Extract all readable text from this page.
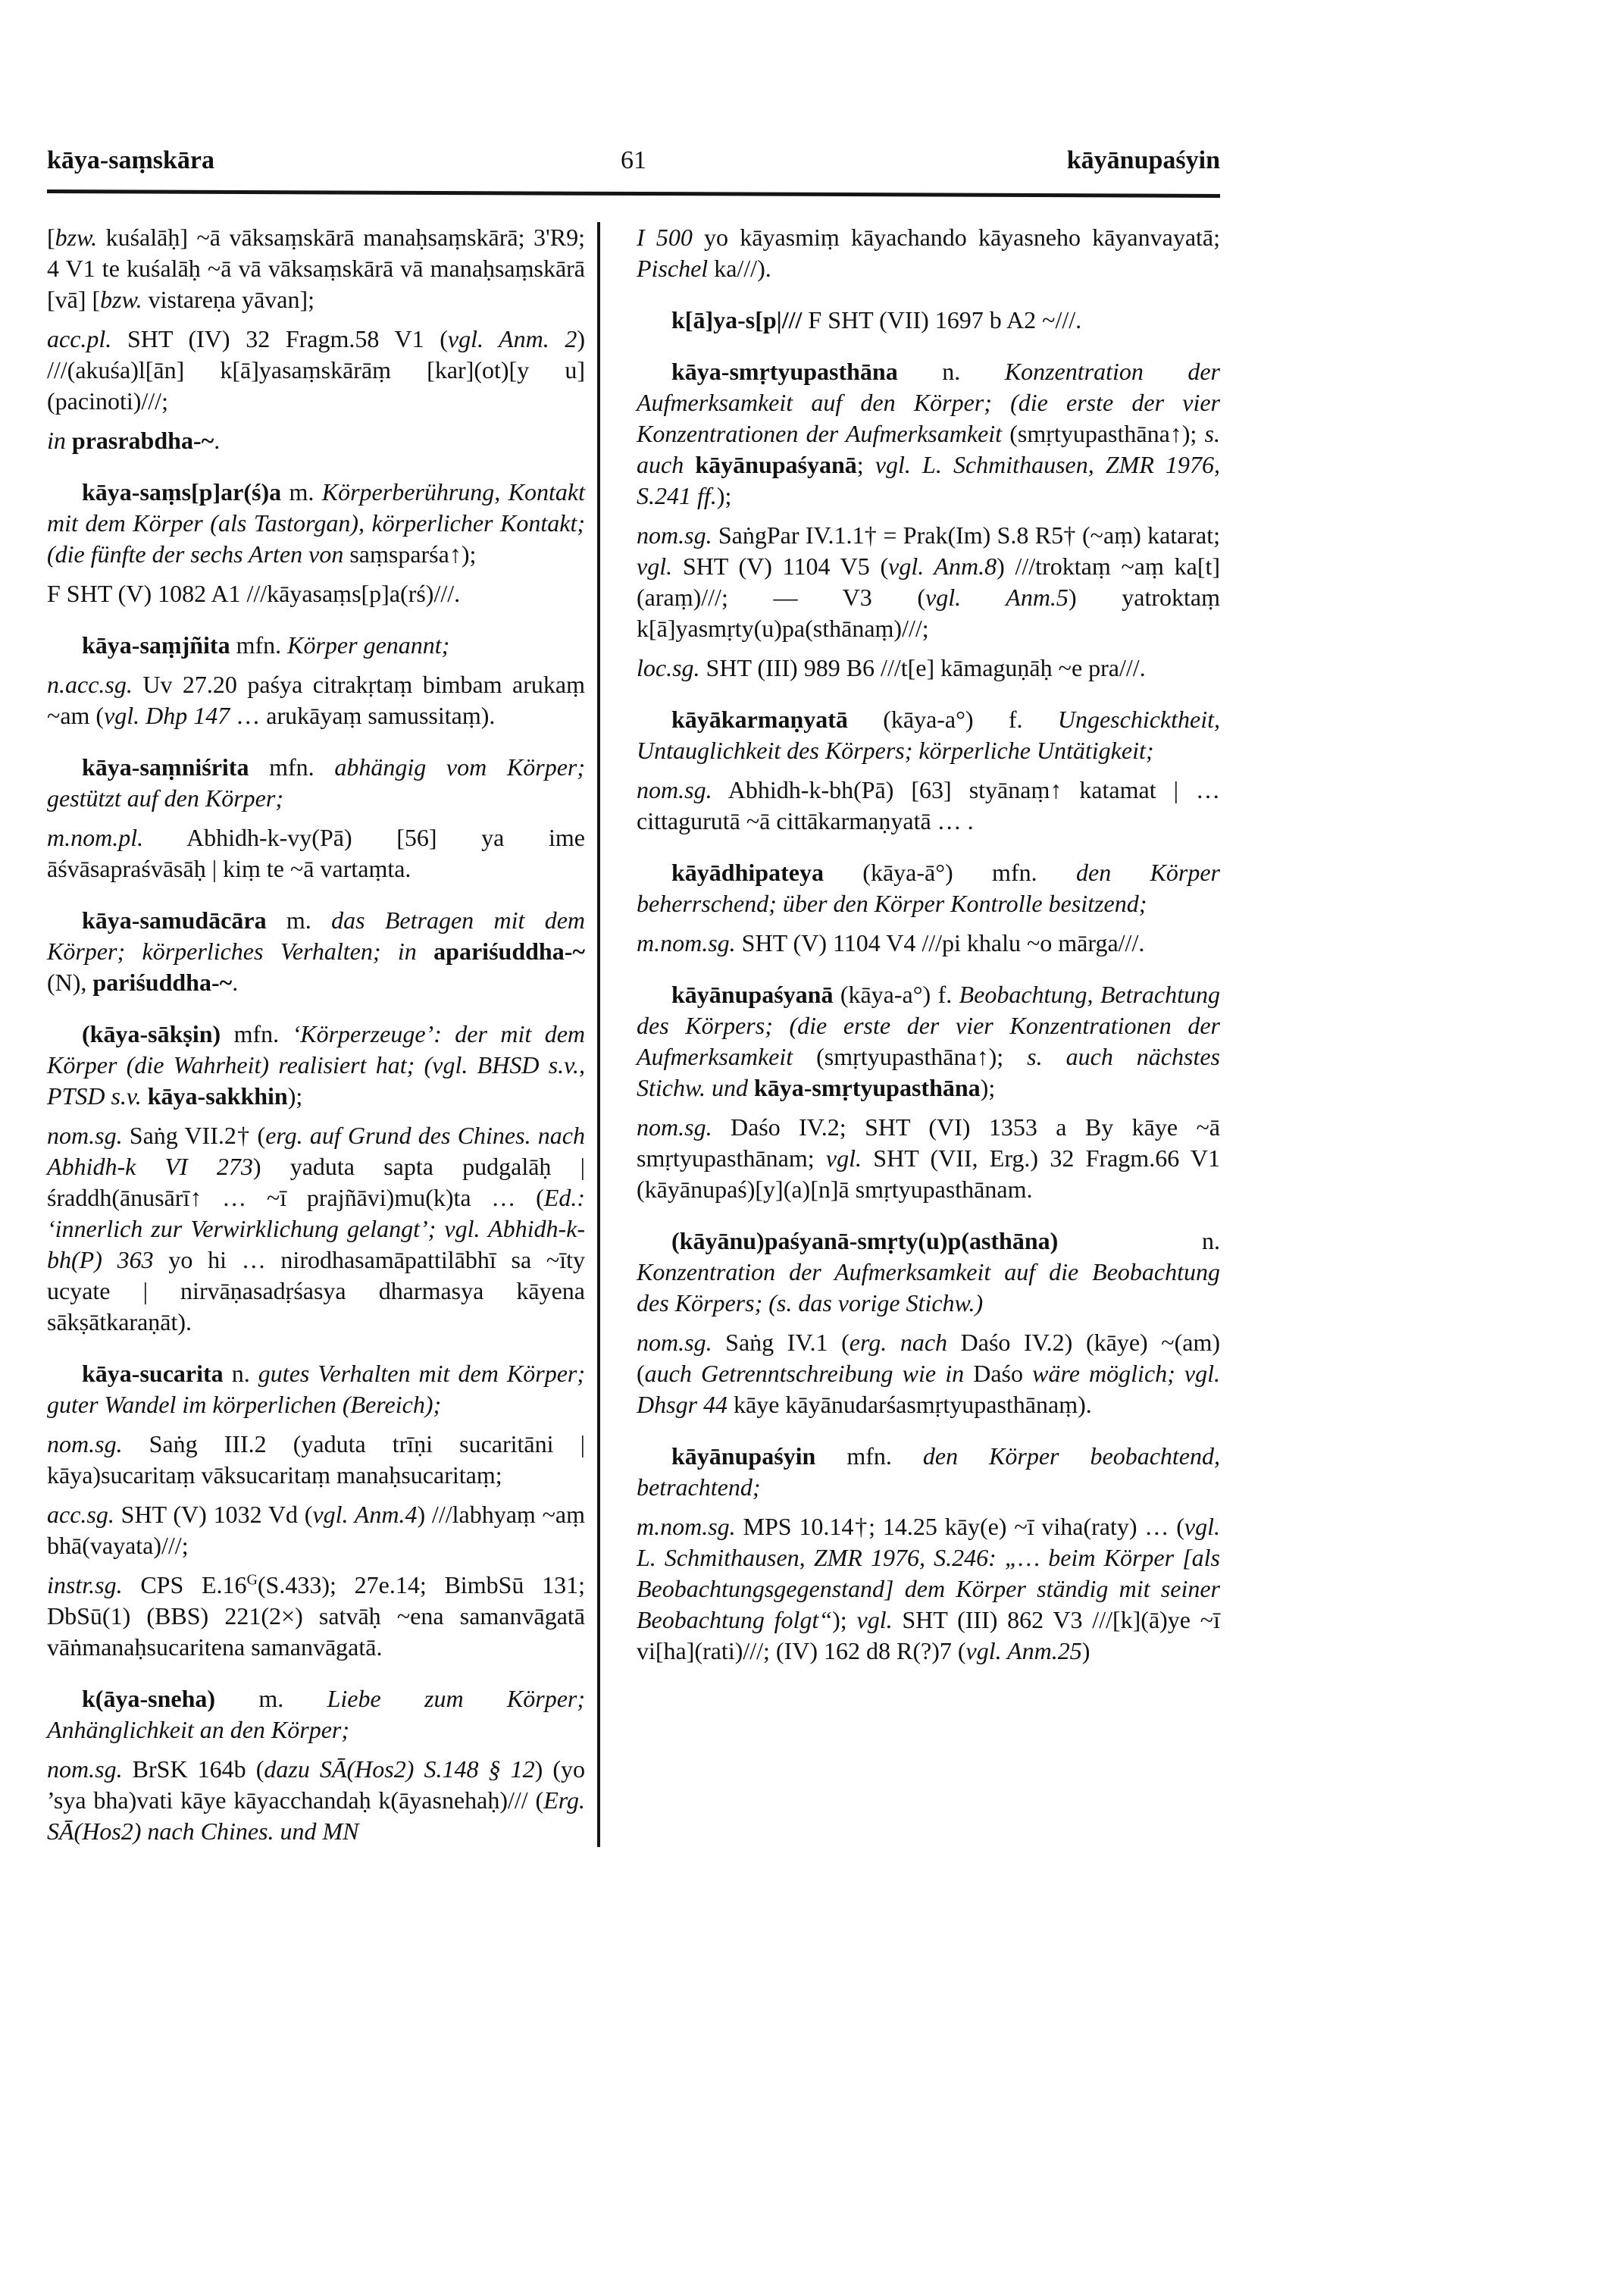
kāya-saṃskāra	61	kāyānupaśyin

[bzw. kuśalāḥ] ~ā vāksaṃskārā manaḥsaṃskārā; 3'R9; 4 V1 te kuśalāḥ ~ā vā vāksaṃskārā vā manaḥsaṃskārā [vā] [bzw. vistareṇa yāvan];

acc.pl. SHT (IV) 32 Fragm.58 V1 (vgl. Anm. 2) ///(akuśa)l[ān] k[ā]yasaṃskārāṃ [kar](ot)[y u](pacinoti)///;

in prasrabdha-~.

kāya-saṃs[p]ar(ś)a m. Körperberührung, Kontakt mit dem Körper (als Tastorgan), körperlicher Kontakt; (die fünfte der sechs Arten von saṃsparśa↑);

F SHT (V) 1082 A1 ///kāyasaṃs[p]a(rś)///.

kāya-saṃjñita mfn. Körper genannt;

n.acc.sg. Uv 27.20 paśya citrakṛtaṃ bimbam arukaṃ ~am (vgl. Dhp 147 … arukāyaṃ samussitaṃ).

kāya-saṃniśrita mfn. abhängig vom Körper; gestützt auf den Körper;

m.nom.pl. Abhidh-k-vy(Pā) [56] ya ime āśvāsapraśvāsāḥ | kiṃ te ~ā vartaṃta.

kāya-samudācāra m. das Betragen mit dem Körper; körperliches Verhalten; in apariśuddha-~ (N), pariśuddha-~.

(kāya-sākṣin) mfn. ‘Körperzeuge’: der mit dem Körper (die Wahrheit) realisiert hat; (vgl. BHSD s.v., PTSD s.v. kāya-sakkhin);

nom.sg. Saṅg VII.2† (erg. auf Grund des Chines. nach Abhidh-k VI 273) yaduta sapta pudgalāḥ | śraddh(ānusārī↑ … ~ī prajñāvi)mu(k)ta … (Ed.: ‘innerlich zur Verwirklichung gelangt’; vgl. Abhidh-k-bh(P) 363 yo hi … nirodhasamāpattilābhī sa ~īty ucyate | nirvāṇasadṛśasya dharmasya kāyena sākṣātkaraṇāt).

kāya-sucarita n. gutes Verhalten mit dem Körper; guter Wandel im körperlichen (Bereich);

nom.sg. Saṅg III.2 (yaduta trīṇi sucaritāni | kāya)sucaritaṃ vāksucaritaṃ manaḥsucaritaṃ;

acc.sg. SHT (V) 1032 Vd (vgl. Anm.4) ///labhyaṃ ~aṃ bhā(vayata)///;

instr.sg. CPS $E.16^G(S.433)$; 27e.14; BimbSū 131; DbSū(1) (BBS) 221(2×) satvāḥ ~ena samanvāgatā vāṅmanaḥsucaritena samanvāgatā.

k(āya-sneha) m. Liebe zum Körper; Anhänglichkeit an den Körper;

nom.sg. BrSK 164b (dazu SĀ(Hos2) S.148 § 12) (yo ’sya bha)vati kāye kāyacchandaḥ k(āyasnehaḥ)/// (Erg. SĀ(Hos2) nach Chines. und MN

I 500 yo kāyasmiṃ kāyachando kāyasneho kāyanvayatā; Pischel ka///).

k[ā]ya-s[p|/// F SHT (VII) 1697 b A2 ~///.

kāya-smṛtyupasthāna n. Konzentration der Aufmerksamkeit auf den Körper; (die erste der vier Konzentrationen der Aufmerksamkeit (smṛtyupasthāna↑); s. auch kāyānupaśyanā; vgl. L. Schmithausen, ZMR 1976, S.241 ff.);

nom.sg. SaṅgPar IV.1.1† = Prak(Im) S.8 R5† (~aṃ) katarat; vgl. SHT (V) 1104 V5 (vgl. Anm.8) ///troktaṃ ~aṃ ka[t](araṃ)///; — V3 (vgl. Anm.5) yatroktaṃ k[ā]yasmṛty(u)pa(sthānaṃ)///;

loc.sg. SHT (III) 989 B6 ///t[e] kāmaguṇāḥ ~e pra///.

kāyākarmaṇyatā (kāya-a°) f. Ungeschicktheit, Untauglichkeit des Körpers; körperliche Untätigkeit;

nom.sg. Abhidh-k-bh(Pā) [63] styānaṃ↑ katamat | … cittagurutā ~ā cittākarmaṇyatā … .

kāyādhipateya (kāya-ā°) mfn. den Körper beherrschend; über den Körper Kontrolle besitzend;

m.nom.sg. SHT (V) 1104 V4 ///pi khalu ~o mārga///.

kāyānupaśyanā (kāya-a°) f. Beobachtung, Betrachtung des Körpers; (die erste der vier Konzentrationen der Aufmerksamkeit (smṛtyupasthāna↑); s. auch nächstes Stichw. und kāya-smṛtyupasthāna);

nom.sg. Daśo IV.2; SHT (VI) 1353 a By kāye ~ā smṛtyupasthānam; vgl. SHT (VII, Erg.) 32 Fragm.66 V1 (kāyānupaś)[y](a)[n]ā smṛtyupasthānam.

(kāyānu)paśyanā-smṛty(u)p(asthāna) n. Konzentration der Aufmerksamkeit auf die Beobachtung des Körpers; (s. das vorige Stichw.)

nom.sg. Saṅg IV.1 (erg. nach Daśo IV.2) (kāye) ~(am) (auch Getrenntschreibung wie in Daśo wäre möglich; vgl. Dhsgr 44 kāye kāyānudarśasmṛtyupasthānaṃ).

kāyānupaśyin mfn. den Körper beobachtend, betrachtend;

m.nom.sg. MPS 10.14†; 14.25 kāy(e) ~ī viha(raty) … (vgl. L. Schmithausen, ZMR 1976, S.246: „… beim Körper [als Beobachtungsgegenstand] dem Körper ständig mit seiner Beobachtung folgt“); vgl. SHT (III) 862 V3 ///[k](ā)ye ~ī vi[ha](rati)///; (IV) 162 d8 R(?)7 (vgl. Anm.25)
